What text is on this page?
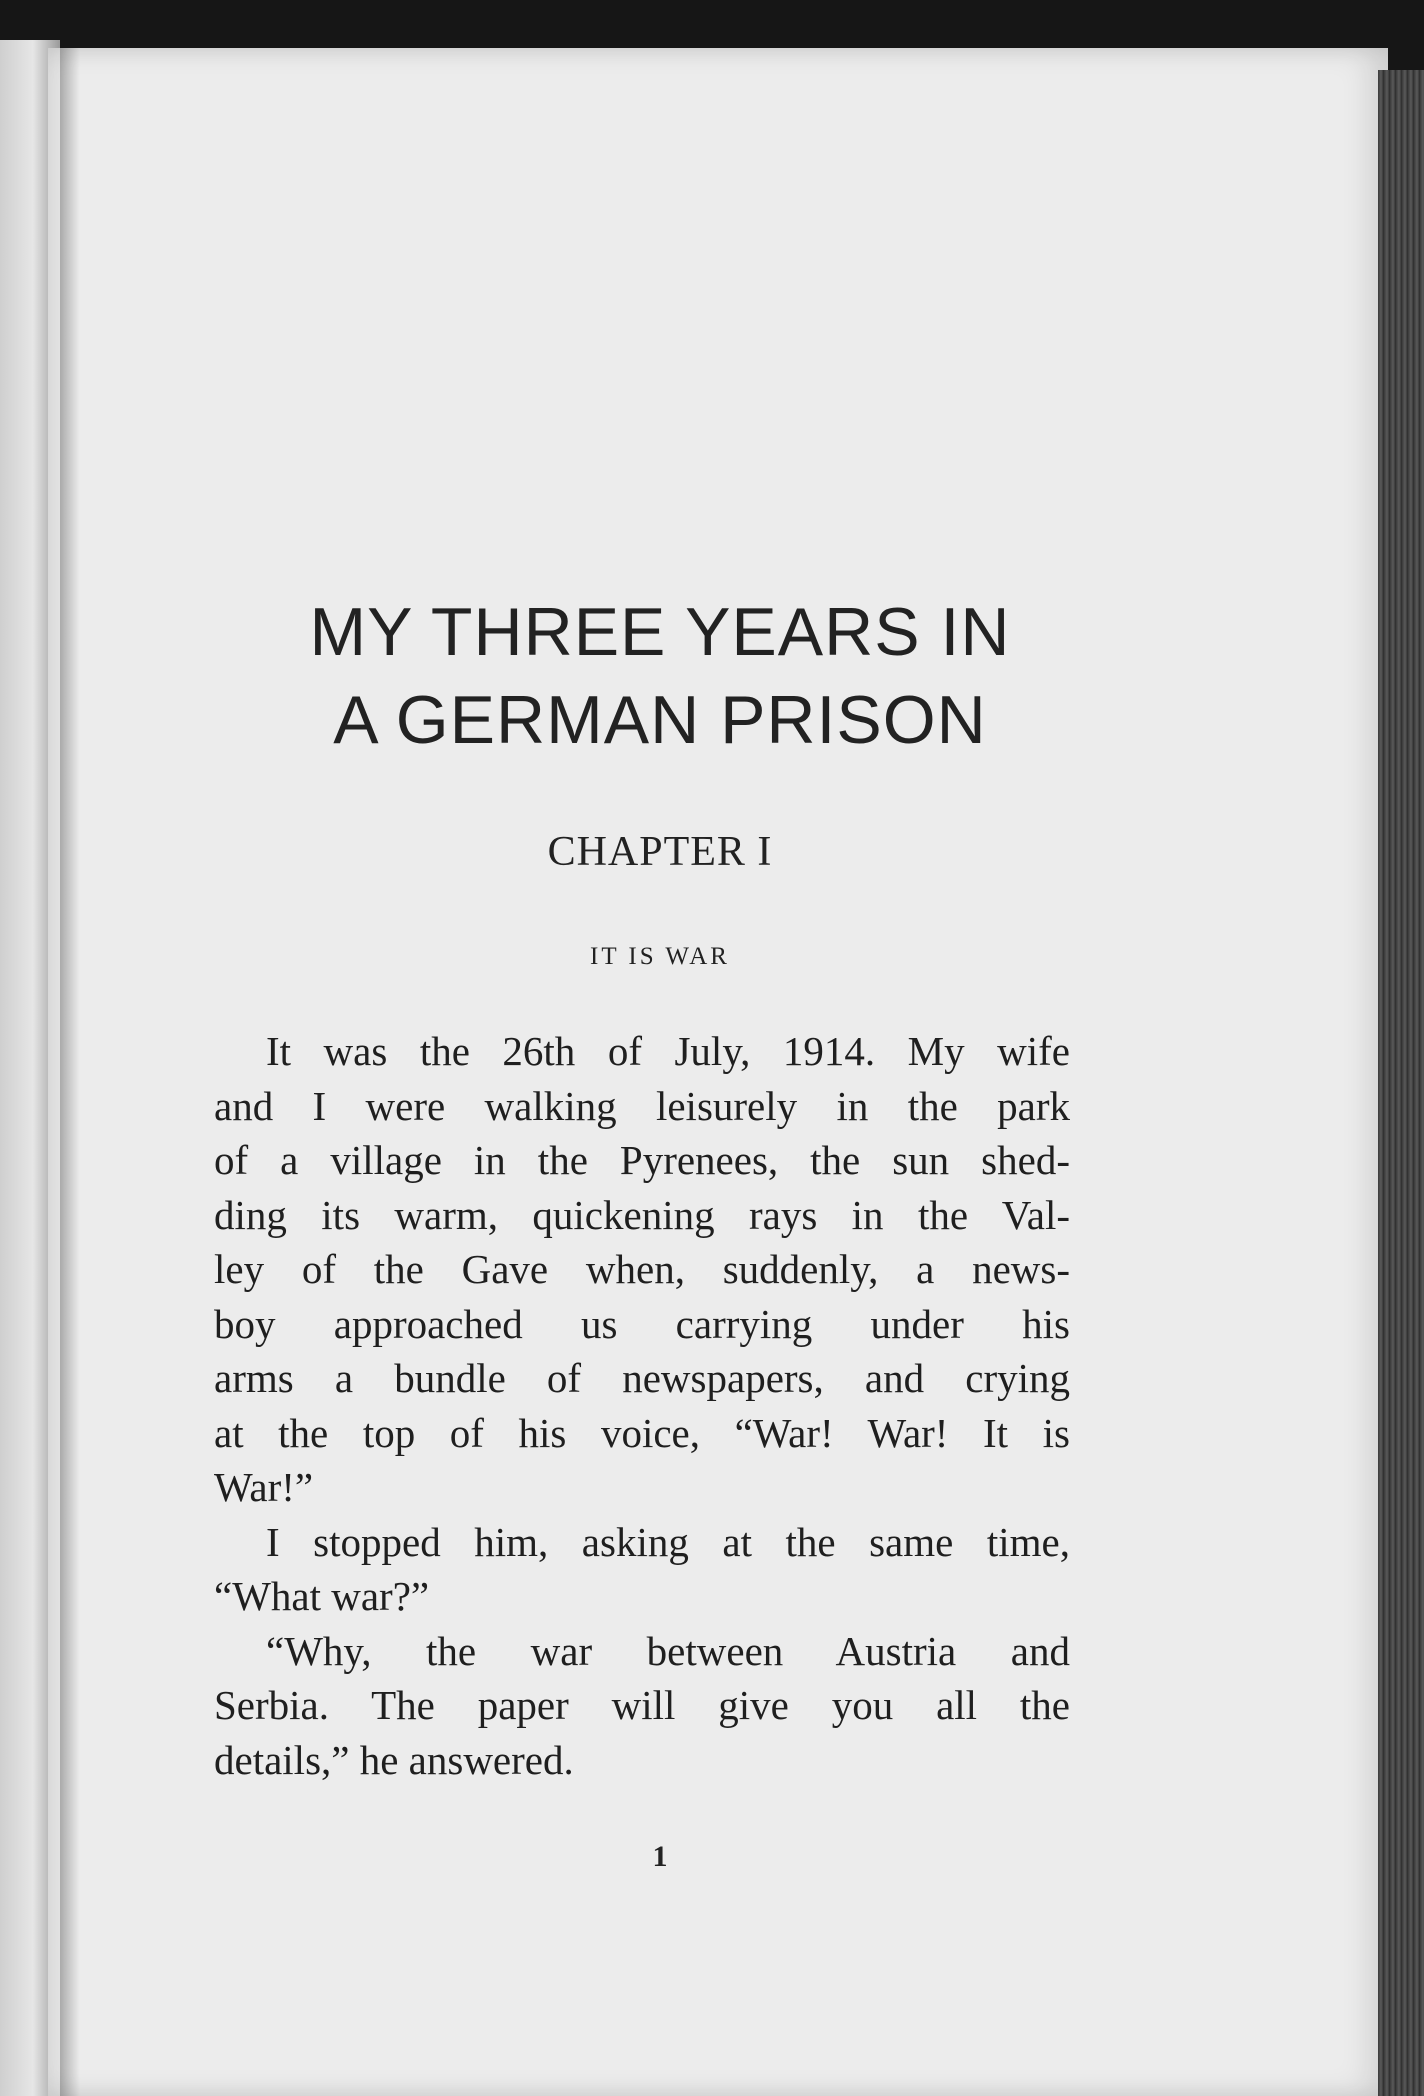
MY THREE YEARS IN
A GERMAN PRISON
CHAPTER I
IT IS WAR

It was the 26th of July, 1914. My wife
and I were walking leisurely in the park
of a village in the Pyrenees, the sun shed-
ding its warm, quickening rays in the Val-
ley of the Gave when, suddenly, a news-
boy approached us carrying under his
arms a bundle of newspapers, and crying
at the top of his voice, “War! War! It is
War!”

I stopped him, asking at the same time,
“What war?”

“Why, the war between Austria and
Serbia. The paper will give you all the
details,” he answered.

1
